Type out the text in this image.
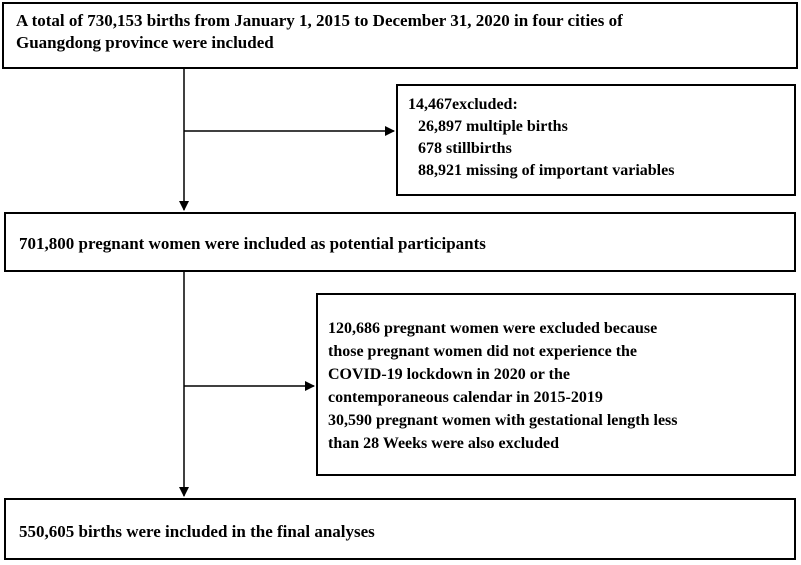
A total of 730,153 births from January 1, 2015 to December 31, 2020 in four cities of
Guangdong province were included
14,467excluded:
26,897 multiple births
678 stillbirths
88,921 missing of important variables
701,800 pregnant women were included as potential participants
120,686 pregnant women were excluded because
those pregnant women did not experience the
COVID-19 lockdown in 2020 or the
contemporaneous calendar in 2015-2019
30,590 pregnant women with gestational length less
than 28 Weeks were also excluded
550,605 births were included in the final analyses
